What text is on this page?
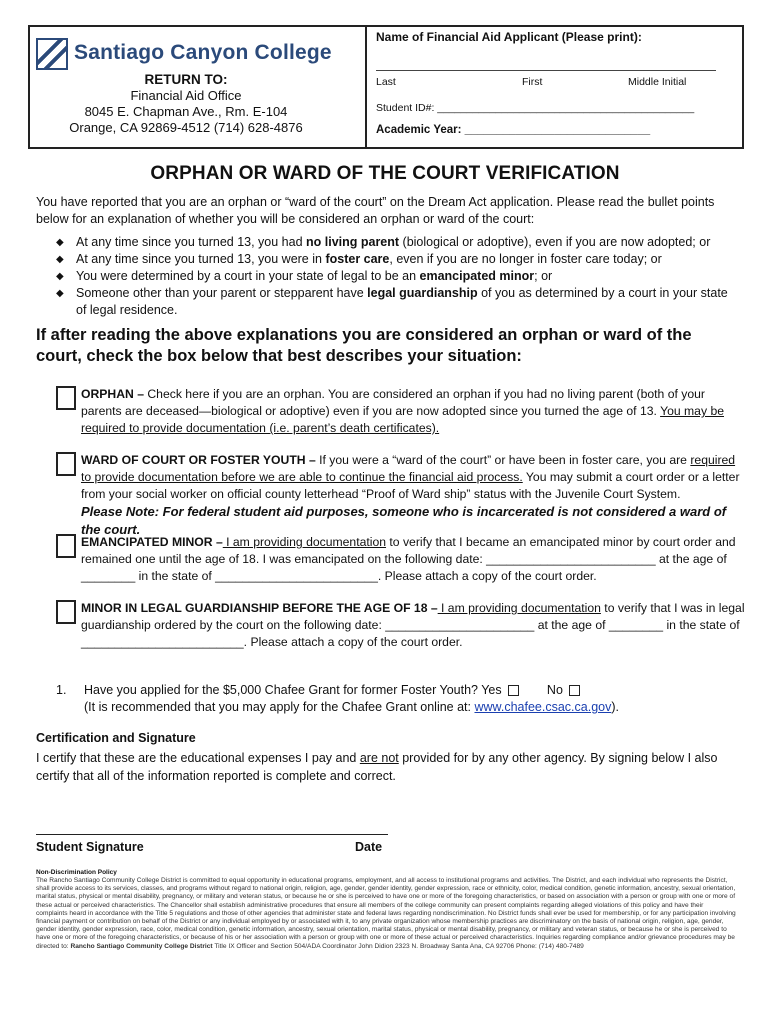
Santiago Canyon College
RETURN TO:
Financial Aid Office
8045 E. Chapman Ave., Rm. E-104
Orange, CA 92869-4512 (714) 628-4876
Name of Financial Aid Applicant (Please print):
Last	First	Middle Initial
Student ID#: ____________________________________________
Academic Year: _____________________________
ORPHAN OR WARD OF THE COURT VERIFICATION
You have reported that you are an orphan or “ward of the court” on the Dream Act application. Please read the bullet points below for an explanation of whether you will be considered an orphan or ward of the court:
◆ At any time since you turned 13, you had no living parent (biological or adoptive), even if you are now adopted; or
◆ At any time since you turned 13, you were in foster care, even if you are no longer in foster care today; or
◆ You were determined by a court in your state of legal to be an emancipated minor; or
◆ Someone other than your parent or stepparent have legal guardianship of you as determined by a court in your state of legal residence.
If after reading the above explanations you are considered an orphan or ward of the court, check the box below that best describes your situation:
ORPHAN – Check here if you are an orphan. You are considered an orphan if you had no living parent (both of your parents are deceased—biological or adoptive) even if you are now adopted since you turned the age of 13. You may be required to provide documentation (i.e. parent’s death certificates).
WARD OF COURT OR FOSTER YOUTH – If you were a “ward of the court” or have been in foster care, you are required to provide documentation before we are able to continue the financial aid process. You may submit a court order or a letter from your social worker on official county letterhead “Proof of Ward ship” status with the Juvenile Court System.
Please Note: For federal student aid purposes, someone who is incarcerated is not considered a ward of the court.
EMANCIPATED MINOR – I am providing documentation to verify that I became an emancipated minor by court order and remained one until the age of 18. I was emancipated on the following date: _________________________ at the age of ________ in the state of ________________________. Please attach a copy of the court order.
MINOR IN LEGAL GUARDIANSHIP BEFORE THE AGE OF 18 – I am providing documentation to verify that I was in legal guardianship ordered by the court on the following date: ______________________ at the age of ________ in the state of ________________________. Please attach a copy of the court order.
1. Have you applied for the $5,000 Chafee Grant for former Foster Youth? Yes	No
(It is recommended that you may apply for the Chafee Grant online at: www.chafee.csac.ca.gov).
Certification and Signature
I certify that these are the educational expenses I pay and are not provided for by any other agency. By signing below I also certify that all of the information reported is complete and correct.
Student Signature	Date
Non-Discrimination Policy
The Rancho Santiago Community College District is committed to equal opportunity in educational programs, employment, and all access to institutional programs and activities. The District, and each individual who represents the District, shall provide access to its services, classes, and programs without regard to national origin, religion, age, gender, gender identity, gender expression, race or ethnicity, color, medical condition, genetic information, ancestry, sexual orientation, marital status, physical or mental disability, pregnancy, or military and veteran status, or because he or she is perceived to have one or more of the foregoing characteristics, or based on association with a person or group with one or more of these actual or perceived characteristics. The Chancellor shall establish administrative procedures that ensure all members of the college community can present complaints regarding alleged violations of this policy and have their complaints heard in accordance with the Title 5 regulations and those of other agencies that administer state and federal laws regarding nondiscrimination. No District funds shall ever be used for membership, or for any participation involving financial payment or contribution on behalf of the District or any individual employed by or associated with it, to any private organization whose membership practices are discriminatory on the basis of national origin, religion, age, gender, gender identity, gender expression, race, color, medical condition, genetic information, ancestry, sexual orientation, marital status, physical or mental disability, pregnancy, or military and veteran status, or because he or she is perceived to have one or more of the foregoing characteristics, or because of his or her association with a person or group with one or more of these actual or perceived characteristics. Inquiries regarding compliance and/or grievance procedures may be directed to: Rancho Santiago Community College District Title IX Officer and Section 504/ADA Coordinator John Didion 2323 N. Broadway Santa Ana, CA 92706 Phone: (714) 480-7489
